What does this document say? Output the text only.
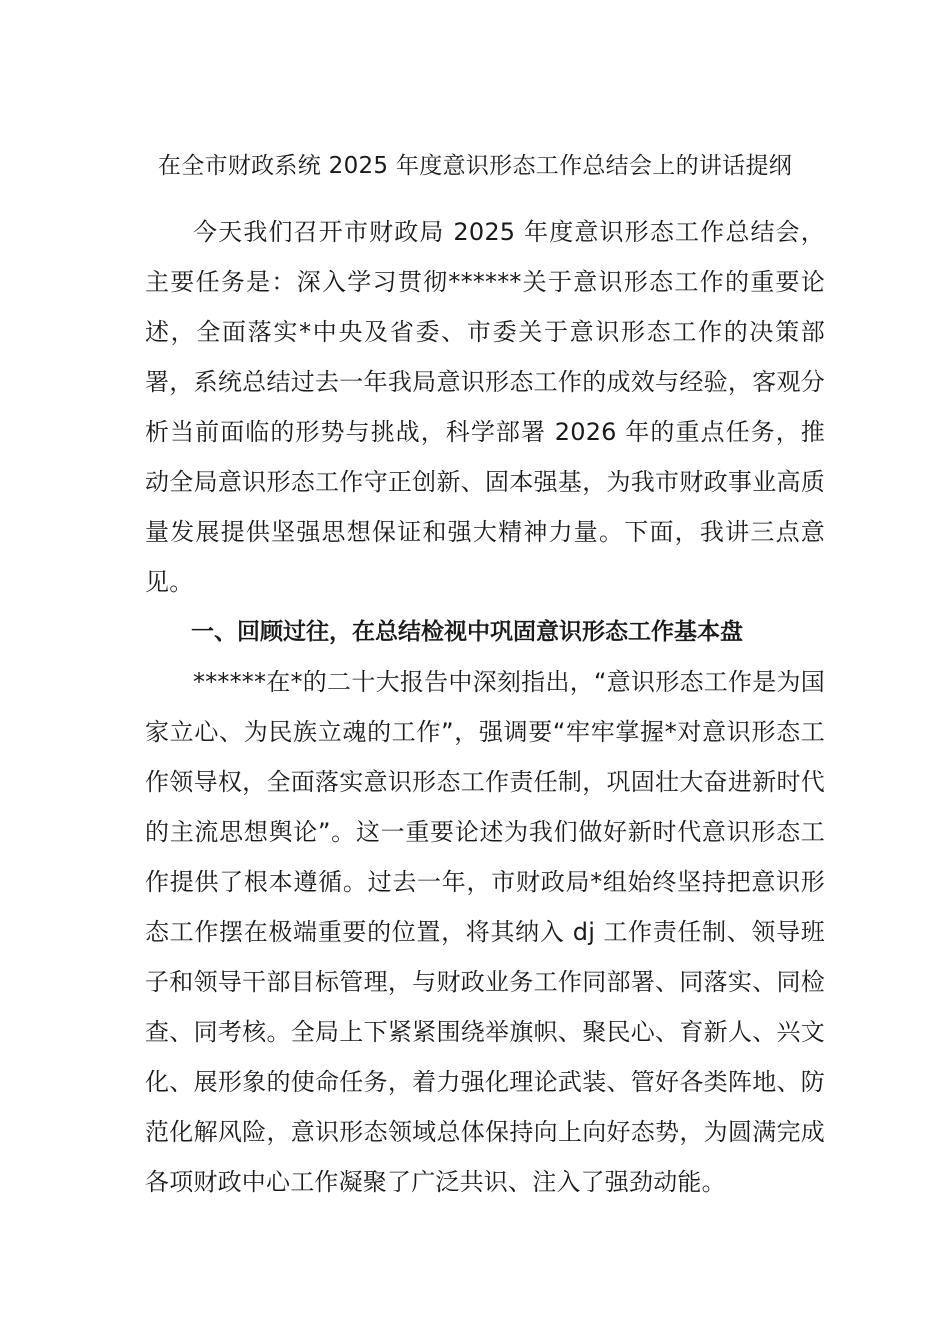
在全市财政系统 2025 年度意识形态工作总结会上的讲话提纲

今天我们召开市财政局 2025 年度意识形态工作总结会，主要任务是：深入学习贯彻******关于意识形态工作的重要论述，全面落实*中央及省委、市委关于意识形态工作的决策部署，系统总结过去一年我局意识形态工作的成效与经验，客观分析当前面临的形势与挑战，科学部署 2026 年的重点任务，推动全局意识形态工作守正创新、固本强基，为我市财政事业高质量发展提供坚强思想保证和强大精神力量。下面，我讲三点意见。

一、回顾过往，在总结检视中巩固意识形态工作基本盘

******在*的二十大报告中深刻指出，“意识形态工作是为国家立心、为民族立魂的工作”，强调要“牢牢掌握*对意识形态工作领导权，全面落实意识形态工作责任制，巩固壮大奋进新时代的主流思想舆论”。这一重要论述为我们做好新时代意识形态工作提供了根本遵循。过去一年，市财政局*组始终坚持把意识形态工作摆在极端重要的位置，将其纳入 dj 工作责任制、领导班子和领导干部目标管理，与财政业务工作同部署、同落实、同检查、同考核。全局上下紧紧围绕举旗帜、聚民心、育新人、兴文化、展形象的使命任务，着力强化理论武装、管好各类阵地、防范化解风险，意识形态领域总体保持向上向好态势，为圆满完成各项财政中心工作凝聚了广泛共识、注入了强劲动能。
